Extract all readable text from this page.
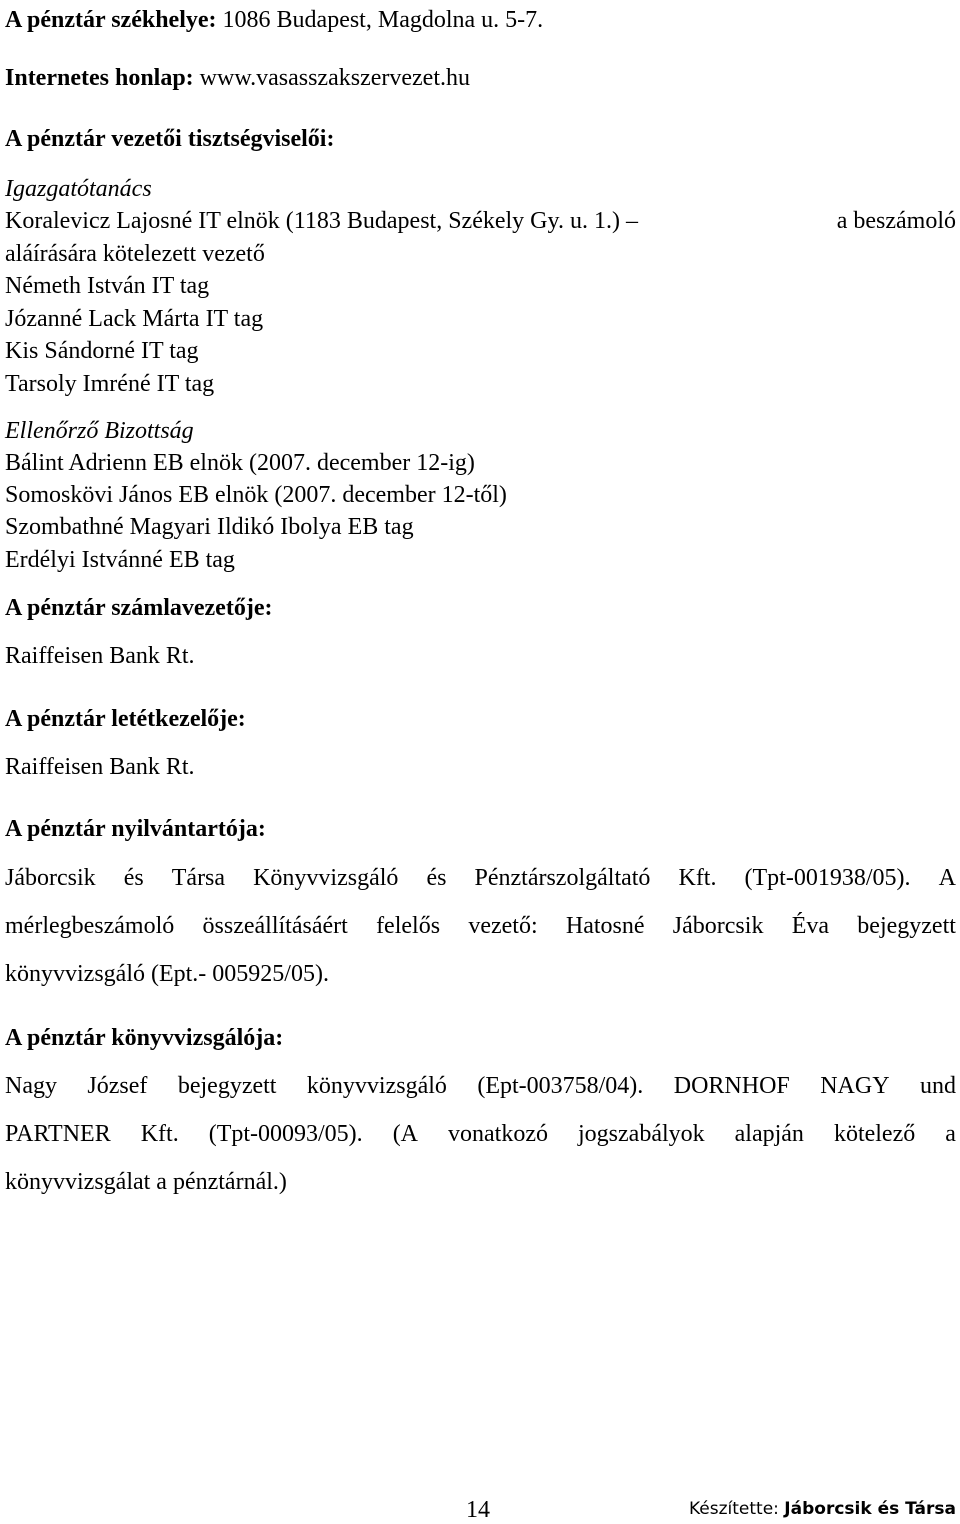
A pénztár székhelye: 1086 Budapest, Magdolna u. 5-7.
Internetes honlap: www.vasasszakszervezet.hu
A pénztár vezetői tisztségviselői:
Igazgatótanács
Koralevicz Lajosné IT elnök (1183 Budapest, Székely Gy. u. 1.) –	a beszámoló
aláírására kötelezett vezető
Németh István IT tag
Józanné Lack Márta IT tag
Kis Sándorné IT tag
Tarsoly Imréné IT tag
Ellenőrző Bizottság
Bálint Adrienn EB elnök (2007. december 12-ig)
Somoskövi János EB elnök (2007. december 12-től)
Szombathné Magyari Ildikó Ibolya EB tag
Erdélyi Istvánné EB tag
A pénztár számlavezetője:
Raiffeisen Bank Rt.
A pénztár letétkezelője:
Raiffeisen Bank Rt.
A pénztár nyilvántartója:
Jáborcsik és Társa Könyvvizsgáló és Pénztárszolgáltató Kft. (Tpt-001938/05). A
mérlegbeszámoló összeállításáért felelős vezető: Hatosné Jáborcsik Éva bejegyzett
könyvvizsgáló (Ept.- 005925/05).
A pénztár könyvvizsgálója:
Nagy József bejegyzett könyvvizsgáló (Ept-003758/04). DORNHOF NAGY und
PARTNER Kft. (Tpt-00093/05). (A vonatkozó jogszabályok alapján kötelező a
könyvvizsgálat a pénztárnál.)
14	Készítette: Jáborcsik és Társa
